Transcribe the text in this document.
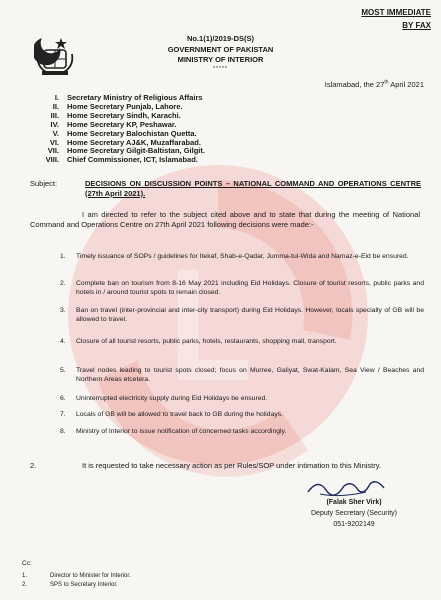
MOST IMMEDIATE
BY FAX
No.1(1)/2019-DS(S)
GOVERNMENT OF PAKISTAN
MINISTRY OF INTERIOR
*****
Islamabad, the 27th April 2021
I.	Secretary Ministry of Religious Affairs
II.	Home Secretary Punjab, Lahore.
III.	Home Secretary Sindh, Karachi.
IV.	Home Secretary KP, Peshawar.
V.	Home Secretary Balochistan Quetta.
VI.	Home Secretary AJ&K, Muzaffarabad.
VII.	Home Secretary Gilgit-Baltistan, Gilgit.
VIII.	Chief Commissioner, ICT, Islamabad.
Subject:	DECISIONS ON DISCUSSION POINTS – NATIONAL COMMAND AND OPERATIONS CENTRE (27th April 2021).
I am directed to refer to the subject cited above and to state that during the meeting of National Command and Operations Centre on 27th April 2021 following decisions were made:-
1.	Timely issuance of SOPs / guidelines for Itekaf, Shab-e-Qadar, Jumma-tul-Wida and Namaz-e-Eid be ensured.
2.	Complete ban on tourism from 8-16 May 2021 including Eid Holidays. Closure of tourist resorts, public parks and hotels in / around tourist spots to remain closed.
3.	Ban on travel (inter-provincial and inter-city transport) during Eid Holidays. However, locals specially of GB will be allowed to travel.
4.	Closure of all tourist resorts, public parks, hotels, restaurants, shopping mall, transport.
5.	Travel nodes leading to tourist spots closed; focus on Murree, Galiyat, Swat-Kalam, Sea View / Beaches and Northern Areas etcetera.
6.	Uninterrupted electricity supply during Eid Holidays be ensured.
7.	Locals of GB will be allowed to travel back to GB during the holidays.
8.	Ministry of Interior to issue notification of concerned tasks accordingly.
2.	It is requested to take necessary action as per Rules/SOP under intimation to this Ministry.
(Falak Sher Virk)
Deputy Secretary (Security)
051-9202149
Cc:
1.	Director to Minister for Interior.
2.	SPS to Secretary Interior.
